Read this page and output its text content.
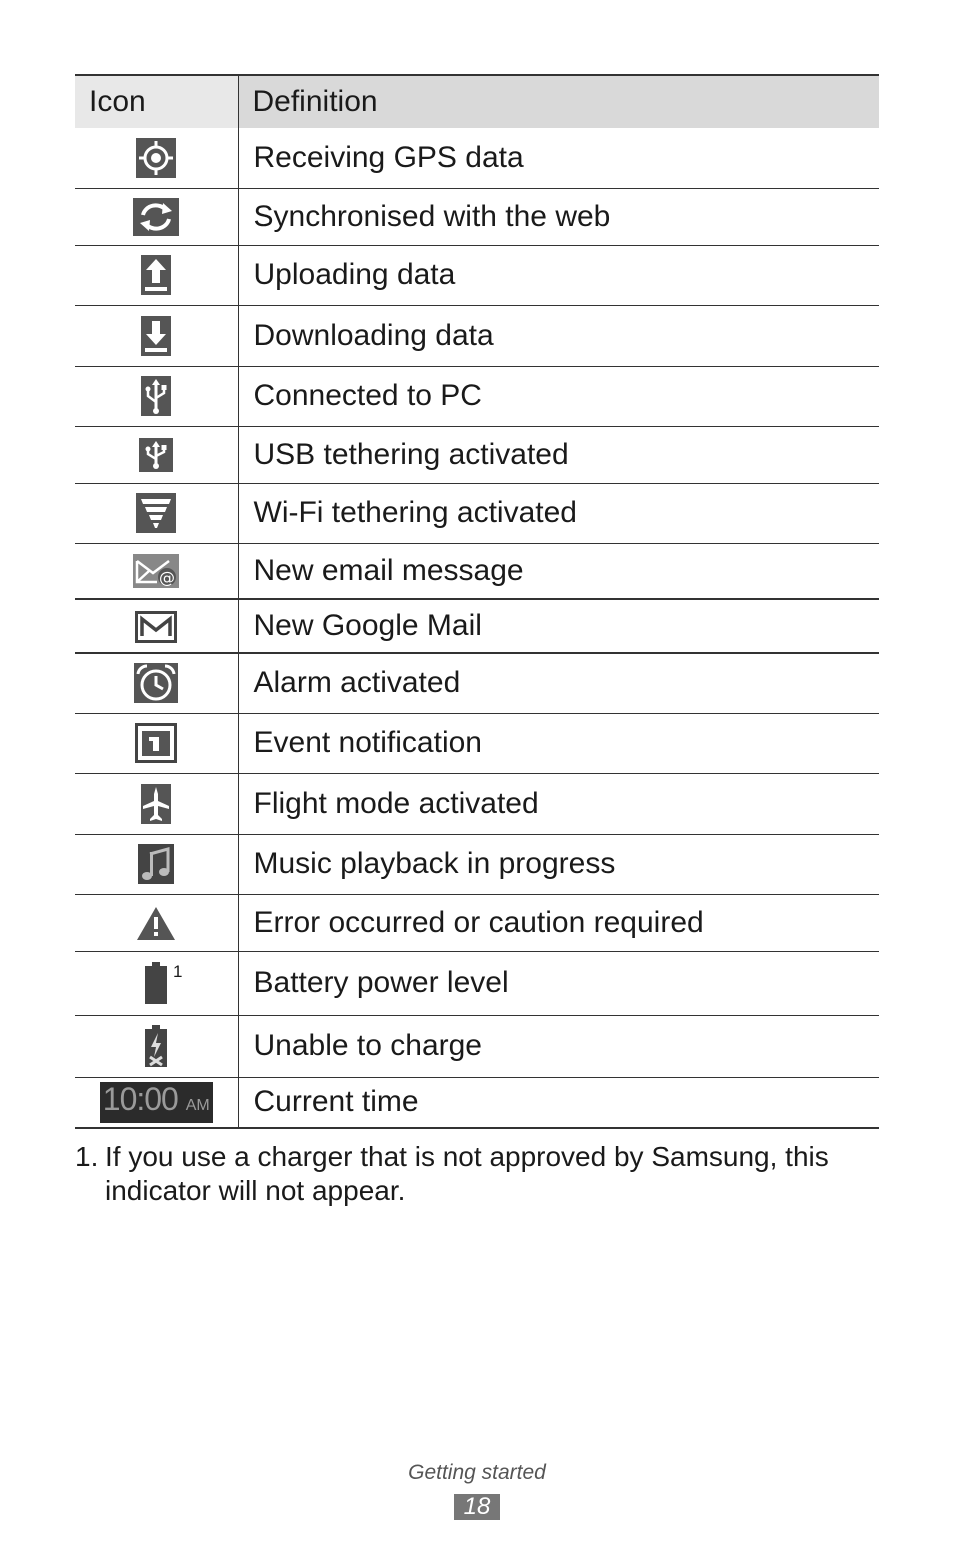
Icon	Definition

	Receiving GPS data

	Synchronised with the web

	Uploading data

	Downloading data

	Connected to PC

	USB tethering activated

	Wi-Fi tethering activated

@	New email message

	New Google Mail

	Alarm activated

	Event notification

	Flight mode activated

	Music playback in progress

	Error occurred or caution required

1	Battery power level

	Unable to charge
10:00 AM	Current time
1. If you use a charger that is not approved by Samsung, this indicator will not appear.
Getting started
18
